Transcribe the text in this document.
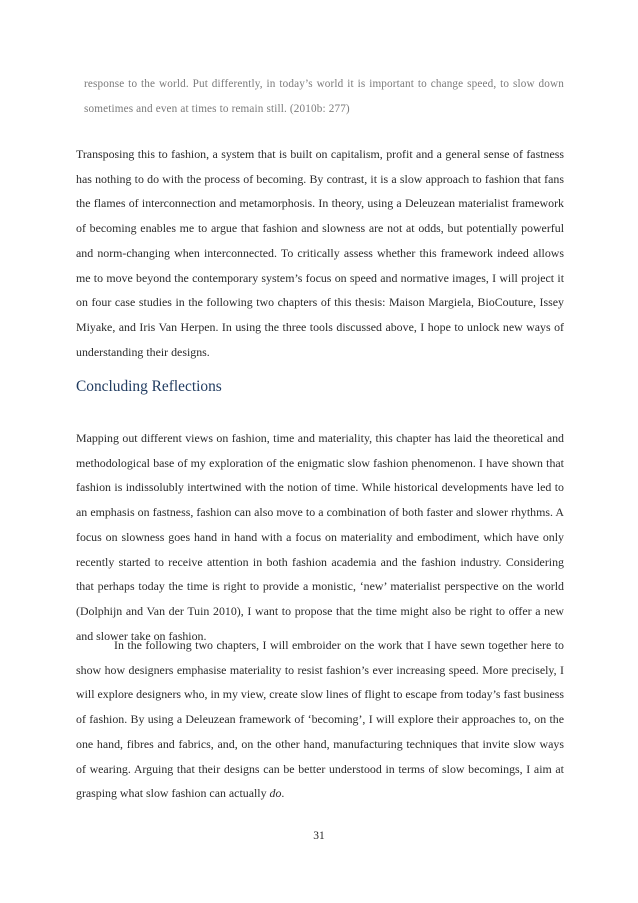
response to the world. Put differently, in today’s world it is important to change speed, to slow down sometimes and even at times to remain still. (2010b: 277)

Transposing this to fashion, a system that is built on capitalism, profit and a general sense of fastness has nothing to do with the process of becoming. By contrast, it is a slow approach to fashion that fans the flames of interconnection and metamorphosis. In theory, using a Deleuzean materialist framework of becoming enables me to argue that fashion and slowness are not at odds, but potentially powerful and norm-changing when interconnected. To critically assess whether this framework indeed allows me to move beyond the contemporary system’s focus on speed and normative images, I will project it on four case studies in the following two chapters of this thesis: Maison Margiela, BioCouture, Issey Miyake, and Iris Van Herpen. In using the three tools discussed above, I hope to unlock new ways of understanding their designs.

Concluding Reflections

Mapping out different views on fashion, time and materiality, this chapter has laid the theoretical and methodological base of my exploration of the enigmatic slow fashion phenomenon. I have shown that fashion is indissolubly intertwined with the notion of time. While historical developments have led to an emphasis on fastness, fashion can also move to a combination of both faster and slower rhythms. A focus on slowness goes hand in hand with a focus on materiality and embodiment, which have only recently started to receive attention in both fashion academia and the fashion industry. Considering that perhaps today the time is right to provide a monistic, ‘new’ materialist perspective on the world (Dolphijn and Van der Tuin 2010), I want to propose that the time might also be right to offer a new and slower take on fashion.

In the following two chapters, I will embroider on the work that I have sewn together here to show how designers emphasise materiality to resist fashion’s ever increasing speed. More precisely, I will explore designers who, in my view, create slow lines of flight to escape from today’s fast business of fashion. By using a Deleuzean framework of ‘becoming’, I will explore their approaches to, on the one hand, fibres and fabrics, and, on the other hand, manufacturing techniques that invite slow ways of wearing. Arguing that their designs can be better understood in terms of slow becomings, I aim at grasping what slow fashion can actually do.

31
